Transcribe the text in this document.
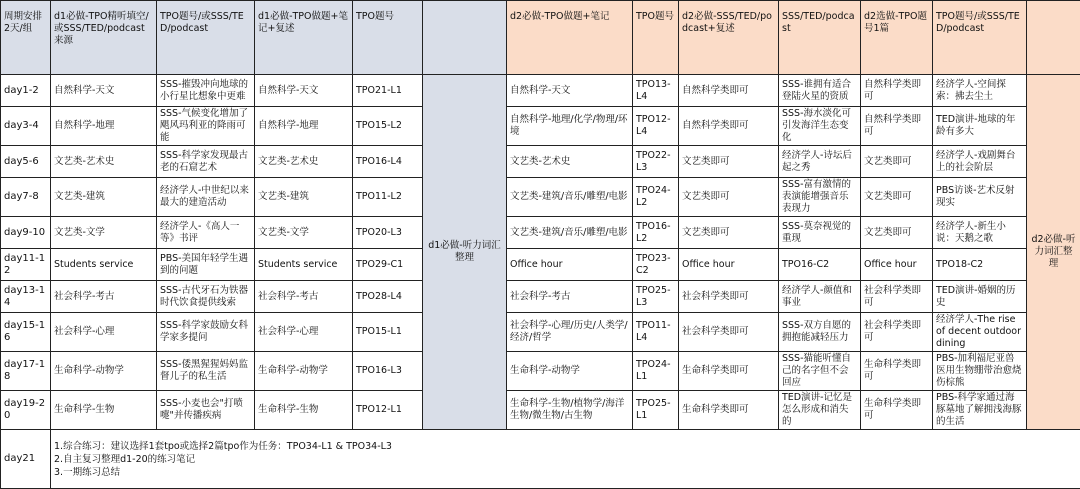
周期安排2天/组	d1必做-TPO精听填空/或SSS/TED/podcast来源	TPO题号/或SSS/TED/podcast	d1必做-TPO做题+笔记+复述	TPO题号		d2必做-TPO做题+笔记	TPO题号	d2必做-SSS/TED/podcast+复述	SSS/TED/podcast	d2选做-TPO题号1篇	TPO题号/或SSS/TED/podcast	
day1-2	自然科学-天文	SSS-摧毁冲向地球的小行星比想象中更难	自然科学-天文	TPO21-L1	d1必做-听力词汇整理	自然科学-天文	TPO13-L4	自然科学类即可	SSS-谁拥有适合登陆火星的资质	自然科学类即可	经济学人-空间探索：拂去尘土	d2必做-听力词汇整理
day3-4	自然科学-地理	SSS-气候变化增加了飓风玛利亚的降雨可能	自然科学-地理	TPO15-L2		自然科学-地理/化学/物理/环境	TPO12-L4	自然科学类即可	SSS-海水淡化可引发海洋生态变化	自然科学类即可	TED演讲-地球的年龄有多大	
day5-6	文艺类-艺术史	SSS-科学家发现最古老的石窟艺术	文艺类-艺术史	TPO16-L4		文艺类-艺术史	TPO22-L3	文艺类即可	经济学人-诗坛后起之秀	文艺类即可	经济学人-戏剧舞台上的社会阶层	
day7-8	文艺类-建筑	经济学人-中世纪以来最大的建造活动	文艺类-建筑	TPO11-L2		文艺类-建筑/音乐/雕塑/电影	TPO24-L2	文艺类即可	SSS-富有激情的表演能增强音乐表现力	文艺类即可	PBS访谈-艺术反射现实	
day9-10	文艺类-文学	经济学人-《高人一等》书评	文艺类-文学	TPO20-L3		文艺类-建筑/音乐/雕塑/电影	TPO16-L2	文艺类即可	SSS-莫奈视觉的重现	文艺类即可	经济学人-新生小说：天鹅之歌	
day11-12	Students service	PBS-美国年轻学生遇到的问题	Students service	TPO29-C1		Office hour	TPO23-C2	Office hour	TPO16-C2	Office hour	TPO18-C2	
day13-14	社会科学-考古	SSS-古代牙石为铁器时代饮食提供线索	社会科学-考古	TPO28-L4		社会科学-考古	TPO25-L3	社会科学类即可	经济学人-颜值和事业	社会科学类即可	TED演讲-婚姻的历史	
day15-16	社会科学-心理	SSS-科学家鼓励女科学家多提问	社会科学-心理	TPO15-L1		社会科学-心理/历史/人类学/经济/哲学	TPO11-L4	社会科学类即可	SSS-双方自愿的拥抱能减轻压力	社会科学类即可	经济学人-The rise of decent outdoor dining	
day17-18	生命科学-动物学	SSS-倭黑猩猩妈妈监督儿子的私生活	生命科学-动物学	TPO16-L3		生命科学-动物学	TPO24-L1	生命科学类即可	SSS-猫能听懂自己的名字但不会回应	生命科学类即可	PBS-加利福尼亚兽医用生物绷带治愈烧伤棕熊	
day19-20	生命科学-生物	SSS-小麦也会"打喷嚏"并传播疾病	生命科学-生物	TPO12-L1		生命科学-生物/植物学/海洋生物/微生物/古生物	TPO25-L1	生命科学类即可	TED演讲-记忆是怎么形成和消失的	生命科学类即可	PBS-科学家通过海豚墓地了解拥浅海豚的生活	
day21	1.综合练习：建议选择1套tpo或选择2篇tpo作为任务：TPO34-L1 & TPO34-L3
2.自主复习整理d1-20的练习笔记
3.一期练习总结											
